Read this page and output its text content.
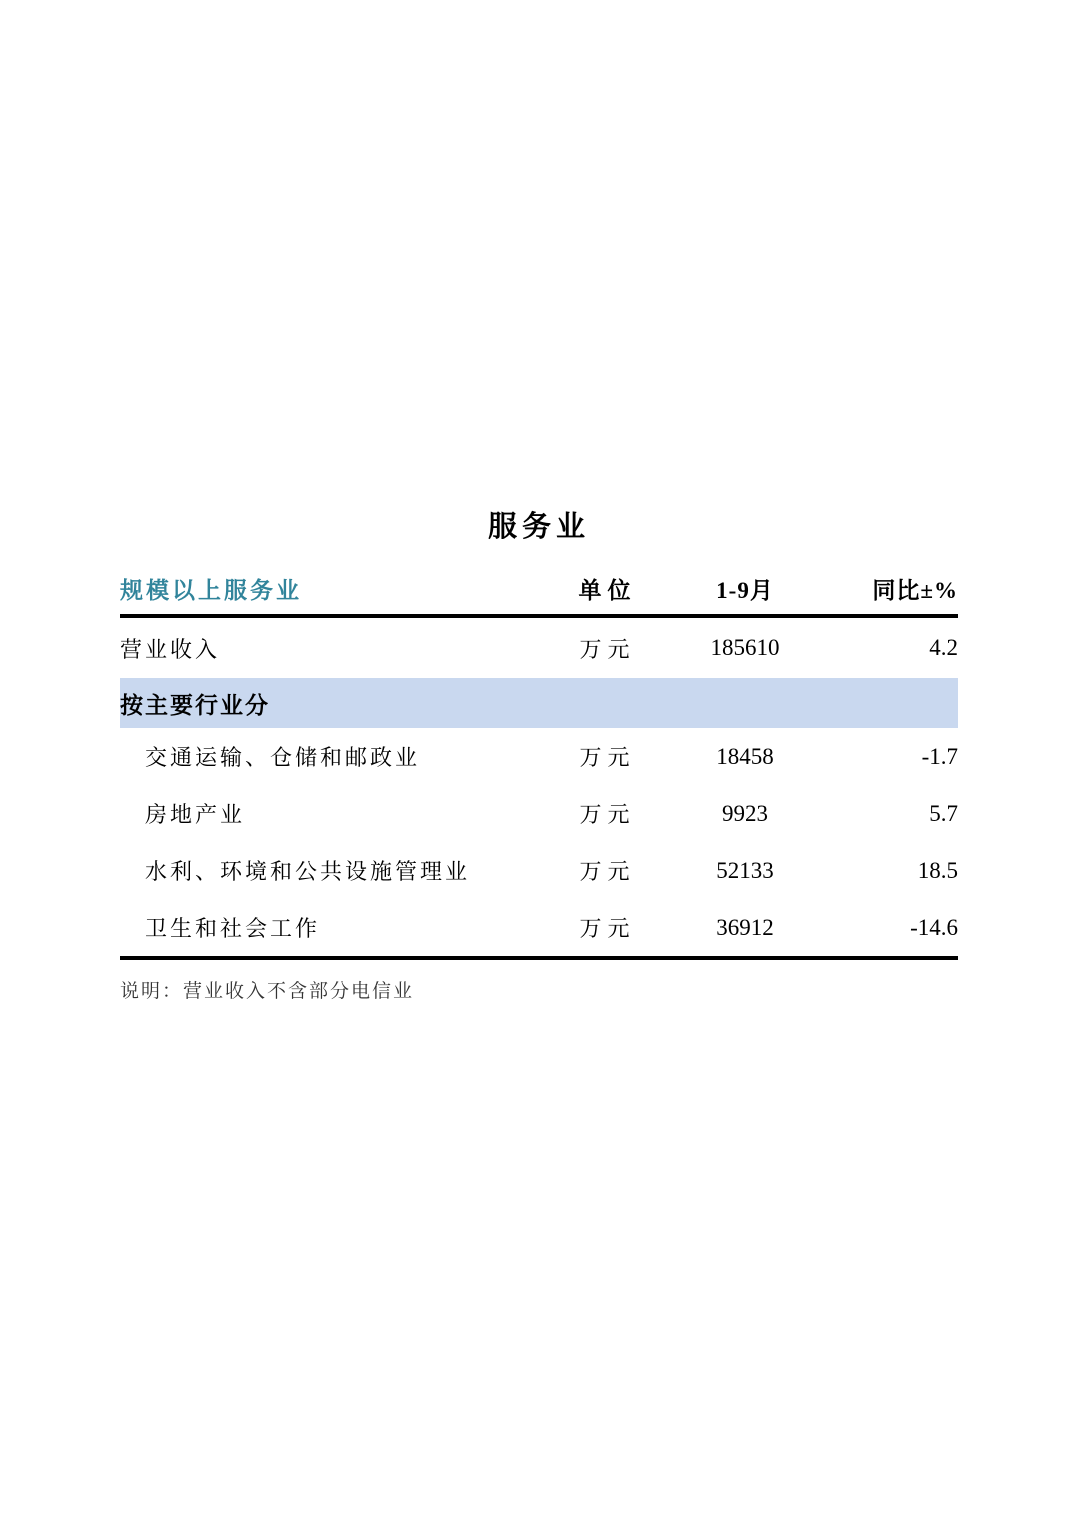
服务业
规模以上服务业	单位	1-9月	同比±%
营业收入	万元	185610	4.2
按主要行业分
交通运输、仓储和邮政业	万元	18458	-1.7
房地产业	万元	9923	5.7
水利、环境和公共设施管理业	万元	52133	18.5
卫生和社会工作	万元	36912	-14.6
说明：营业收入不含部分电信业
